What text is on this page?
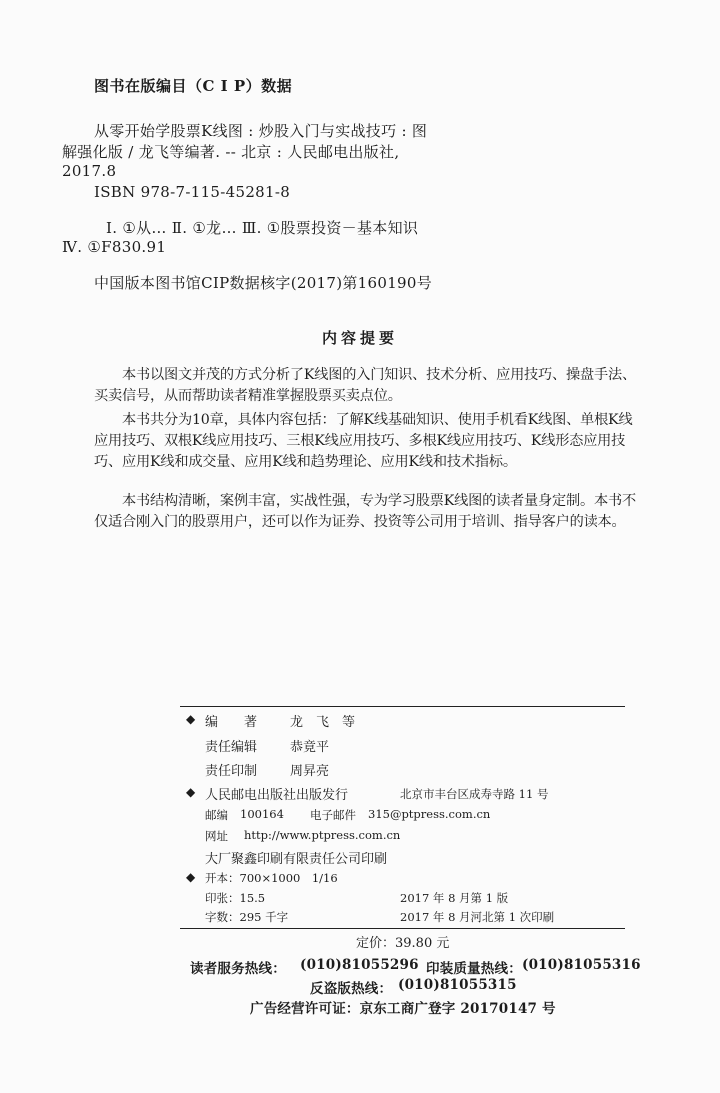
图书在版编目（C I P）数据
从零开始学股票K线图 : 炒股入门与实战技巧 : 图
解强化版 / 龙飞等编著. -- 北京 : 人民邮电出版社,
2017.8
ISBN 978-7-115-45281-8
Ⅰ. ①从… Ⅱ. ①龙… Ⅲ. ①股票投资－基本知识
Ⅳ. ①F830.91
中国版本图书馆CIP数据核字(2017)第160190号
内容提要
本书以图文并茂的方式分析了K线图的入门知识、技术分析、应用技巧、操盘手法、买卖信号，从而帮助读者精准掌握股票买卖点位。
本书共分为10章，具体内容包括：了解K线基础知识、使用手机看K线图、单根K线应用技巧、双根K线应用技巧、三根K线应用技巧、多根K线应用技巧、K线形态应用技巧、应用K线和成交量、应用K线和趋势理论、应用K线和技术指标。
本书结构清晰，案例丰富，实战性强，专为学习股票K线图的读者量身定制。本书不仅适合刚入门的股票用户，还可以作为证券、投资等公司用于培训、指导客户的读本。
◆ 编　　著	龙　飞　等
责任编辑	恭竟平
责任印制	周昇亮
◆ 人民邮电出版社出版发行	北京市丰台区成寿寺路 11 号
邮编 100164 电子邮件 315@ptpress.com.cn
网址 http://www.ptpress.com.cn
大厂聚鑫印刷有限责任公司印刷
◆ 开本：700×1000　1/16
印张：15.5	2017 年 8 月第 1 版
字数：295 千字	2017 年 8 月河北第 1 次印刷
定价：39.80 元
读者服务热线： (010)81055296 印装质量热线： (010)81055316
反盗版热线： (010)81055315
广告经营许可证：京东工商广登字 20170147 号
